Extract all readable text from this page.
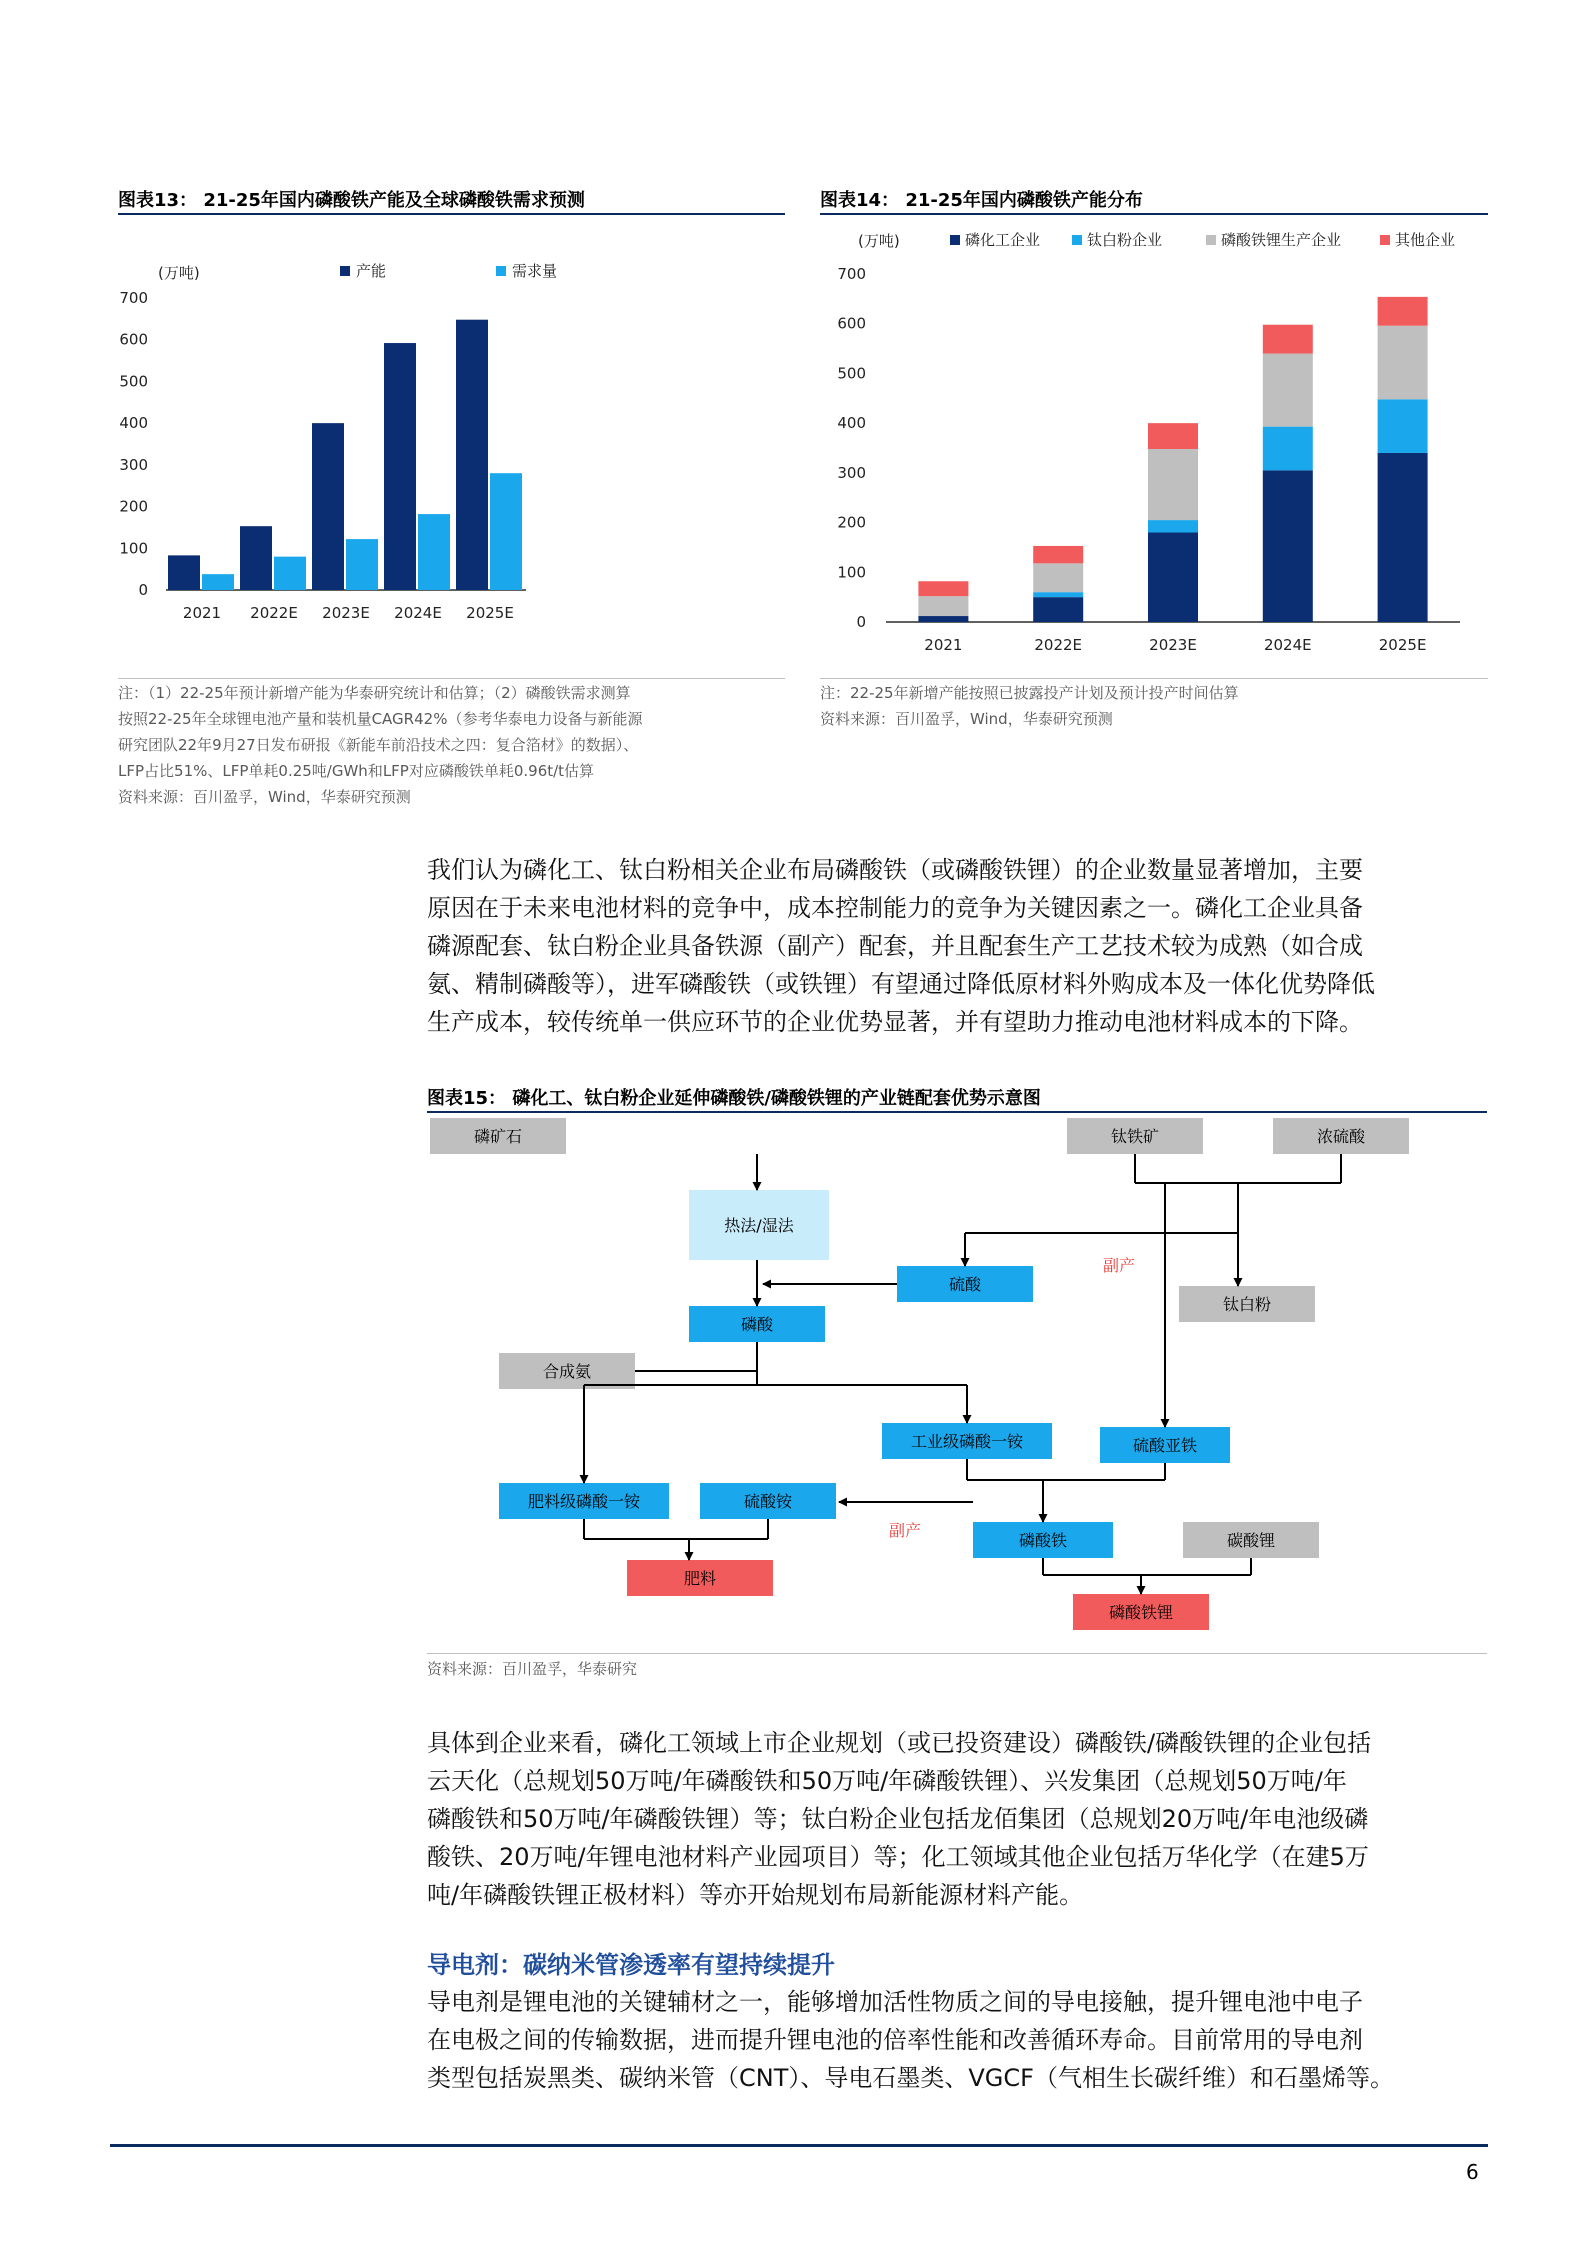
图表13： 21-25年国内磷酸铁产能及全球磷酸铁需求预测
(万吨)	产能	需求量
0
100
200
300
400
500
600
700
2021 2022E 2023E 2024E 2025E
注：（1）22-25年预计新增产能为华泰研究统计和估算；（2）磷酸铁需求测算
按照22-25年全球锂电池产量和装机量CAGR42%（参考华泰电力设备与新能源
研究团队22年9月27日发布研报《新能车前沿技术之四：复合箔材》的数据）、
LFP占比51%、LFP单耗0.25吨/GWh和LFP对应磷酸铁单耗0.96t/t估算
资料来源：百川盈孚，Wind，华泰研究预测
图表14： 21-25年国内磷酸铁产能分布
(万吨)	磷化工企业	钛白粉企业	磷酸铁锂生产企业	其他企业
0
100
200
300
400
500
600
700
2021	2022E	2023E	2024E	2025E
注：22-25年新增产能按照已披露投产计划及预计投产时间估算
资料来源：百川盈孚，Wind，华泰研究预测

我们认为磷化工、钛白粉相关企业布局磷酸铁（或磷酸铁锂）的企业数量显著增加，主要

原因在于未来电池材料的竞争中，成本控制能力的竞争为关键因素之一。磷化工企业具备

磷源配套、钛白粉企业具备铁源（副产）配套，并且配套生产工艺技术较为成熟（如合成

氨、精制磷酸等），进军磷酸铁（或铁锂）有望通过降低原材料外购成本及一体化优势降低

生产成本，较传统单一供应环节的企业优势显著，并有望助力推动电池材料成本的下降。

图表15： 磷化工、钛白粉企业延伸磷酸铁/磷酸铁锂的产业链配套优势示意图
磷矿石	钛铁矿	浓硫酸
热法/湿法
硫酸
钛白粉
磷酸
合成氨
工业级磷酸一铵	硫酸亚铁
肥料级磷酸一铵	硫酸铵
磷酸铁	碳酸锂
肥料
磷酸铁锂
副产
副产
资料来源：百川盈孚，华泰研究

具体到企业来看，磷化工领域上市企业规划（或已投资建设）磷酸铁/磷酸铁锂的企业包括

云天化（总规划50万吨/年磷酸铁和50万吨/年磷酸铁锂）、兴发集团（总规划50万吨/年

磷酸铁和50万吨/年磷酸铁锂）等；钛白粉企业包括龙佰集团（总规划20万吨/年电池级磷

酸铁、20万吨/年锂电池材料产业园项目）等；化工领域其他企业包括万华化学（在建5万

吨/年磷酸铁锂正极材料）等亦开始规划布局新能源材料产能。

导电剂：碳纳米管渗透率有望持续提升

导电剂是锂电池的关键辅材之一，能够增加活性物质之间的导电接触，提升锂电池中电子

在电极之间的传输数据，进而提升锂电池的倍率性能和改善循环寿命。目前常用的导电剂

类型包括炭黑类、碳纳米管（CNT）、导电石墨类、VGCF（气相生长碳纤维）和石墨烯等。

6
